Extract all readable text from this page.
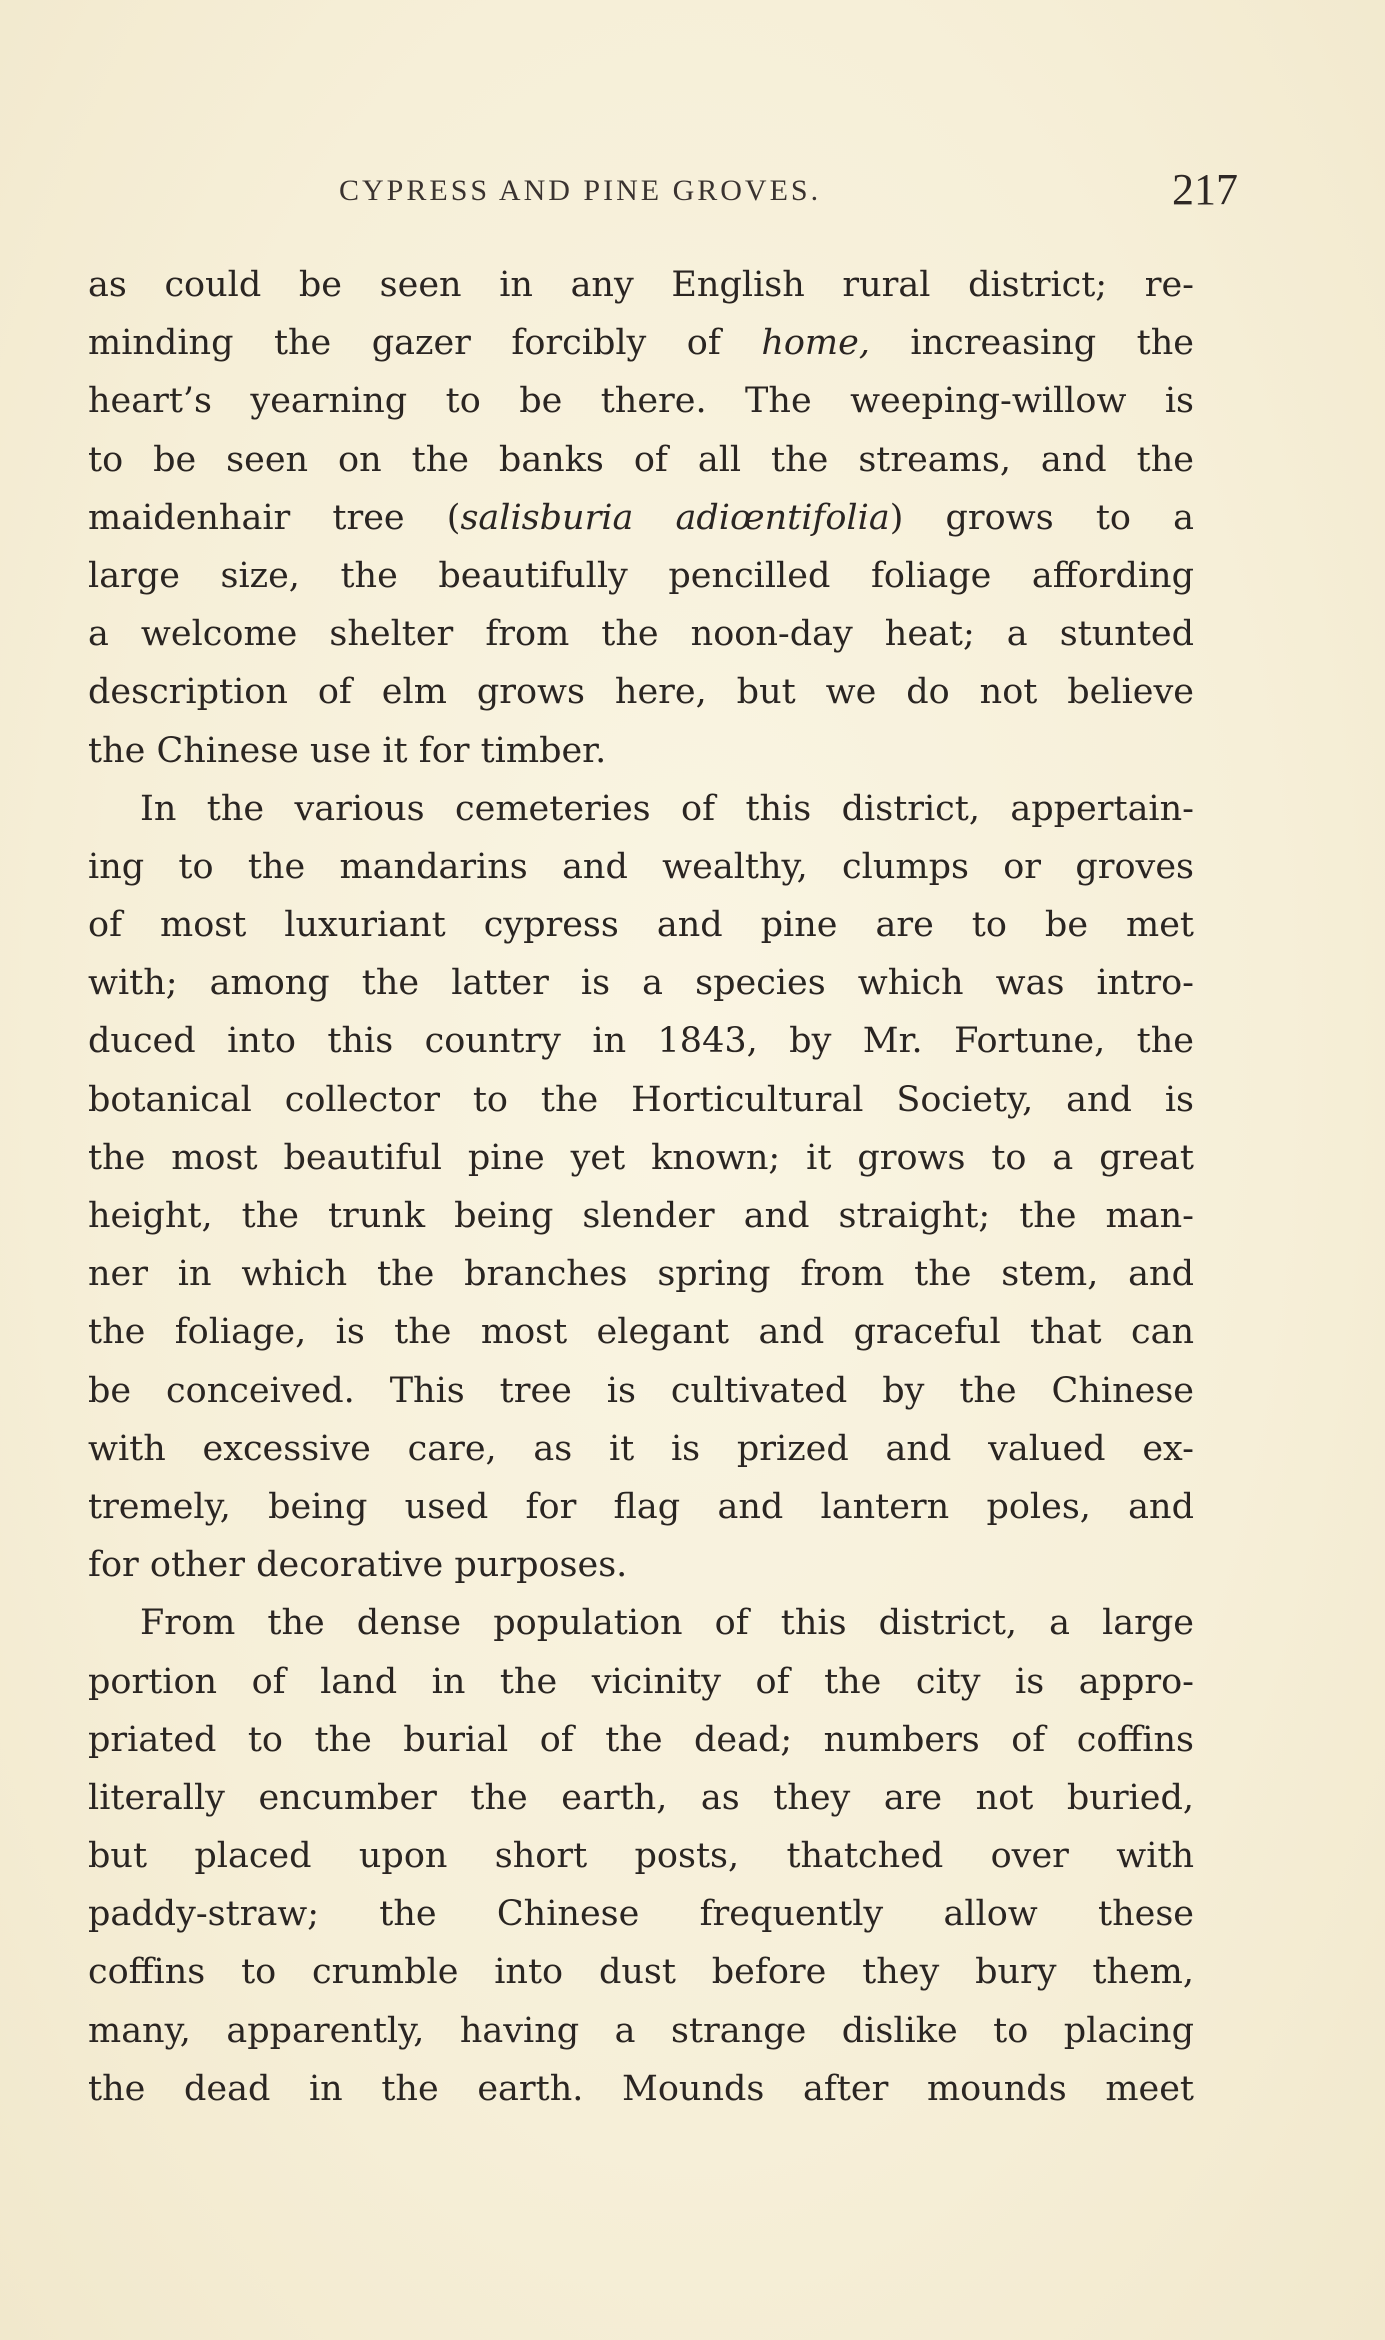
CYPRESS AND PINE GROVES.	217
as could be seen in any English rural district; re-
minding the gazer forcibly of home, increasing the
heart’s yearning to be there. The weeping-willow is
to be seen on the banks of all the streams, and the
maidenhair tree (salisburia adiœntifolia) grows to a
large size, the beautifully pencilled foliage affording
a welcome shelter from the noon-day heat; a stunted
description of elm grows here, but we do not believe
the Chinese use it for timber.
In the various cemeteries of this district, appertain-
ing to the mandarins and wealthy, clumps or groves
of most luxuriant cypress and pine are to be met
with; among the latter is a species which was intro-
duced into this country in 1843, by Mr. Fortune, the
botanical collector to the Horticultural Society, and is
the most beautiful pine yet known; it grows to a great
height, the trunk being slender and straight; the man-
ner in which the branches spring from the stem, and
the foliage, is the most elegant and graceful that can
be conceived. This tree is cultivated by the Chinese
with excessive care, as it is prized and valued ex-
tremely, being used for flag and lantern poles, and
for other decorative purposes.
From the dense population of this district, a large
portion of land in the vicinity of the city is appro-
priated to the burial of the dead; numbers of coffins
literally encumber the earth, as they are not buried,
but placed upon short posts, thatched over with
paddy-straw; the Chinese frequently allow these
coffins to crumble into dust before they bury them,
many, apparently, having a strange dislike to placing
the dead in the earth. Mounds after mounds meet
